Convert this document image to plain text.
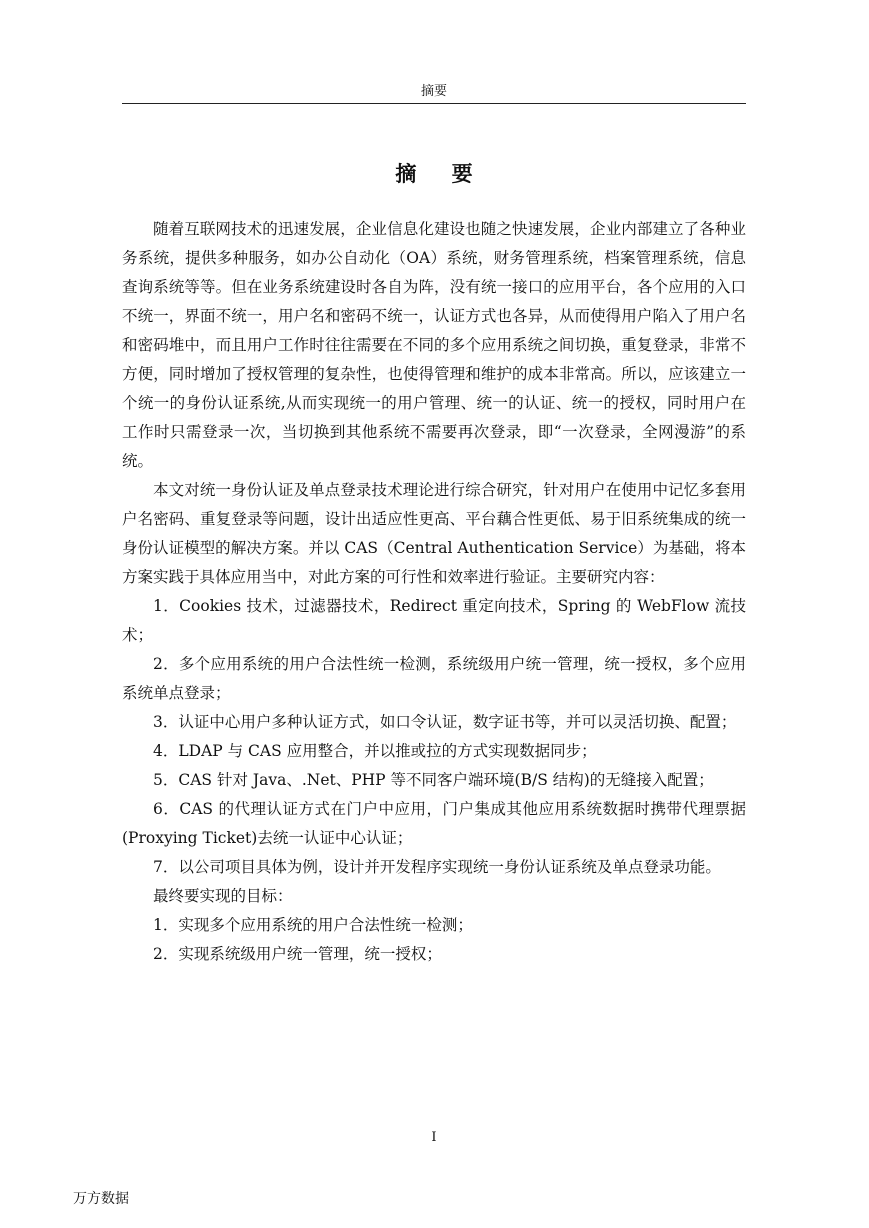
摘要
摘 要

随着互联网技术的迅速发展，企业信息化建设也随之快速发展，企业内部建立了各种业务系统，提供多种服务，如办公自动化（OA）系统，财务管理系统，档案管理系统，信息查询系统等等。但在业务系统建设时各自为阵，没有统一接口的应用平台，各个应用的入口不统一，界面不统一，用户名和密码不统一，认证方式也各异，从而使得用户陷入了用户名和密码堆中，而且用户工作时往往需要在不同的多个应用系统之间切换，重复登录，非常不方便，同时增加了授权管理的复杂性，也使得管理和维护的成本非常高。所以，应该建立一个统一的身份认证系统,从而实现统一的用户管理、统一的认证、统一的授权，同时用户在工作时只需登录一次，当切换到其他系统不需要再次登录，即“一次登录，全网漫游”的系统。

本文对统一身份认证及单点登录技术理论进行综合研究，针对用户在使用中记忆多套用户名密码、重复登录等问题，设计出适应性更高、平台藕合性更低、易于旧系统集成的统一身份认证模型的解决方案。并以 CAS（Central Authentication Service）为基础，将本方案实践于具体应用当中，对此方案的可行性和效率进行验证。主要研究内容：

1．Cookies 技术，过滤器技术，Redirect 重定向技术，Spring 的 WebFlow 流技术；

2．多个应用系统的用户合法性统一检测，系统级用户统一管理，统一授权，多个应用系统单点登录；

3．认证中心用户多种认证方式，如口令认证，数字证书等，并可以灵活切换、配置；

4．LDAP 与 CAS 应用整合，并以推或拉的方式实现数据同步；

5．CAS 针对 Java、.Net、PHP 等不同客户端环境(B/S 结构)的无缝接入配置；

6．CAS 的代理认证方式在门户中应用，门户集成其他应用系统数据时携带代理票据(Proxying Ticket)去统一认证中心认证；

7．以公司项目具体为例，设计并开发程序实现统一身份认证系统及单点登录功能。

最终要实现的目标：

1．实现多个应用系统的用户合法性统一检测；

2．实现系统级用户统一管理，统一授权；

I
万方数据
